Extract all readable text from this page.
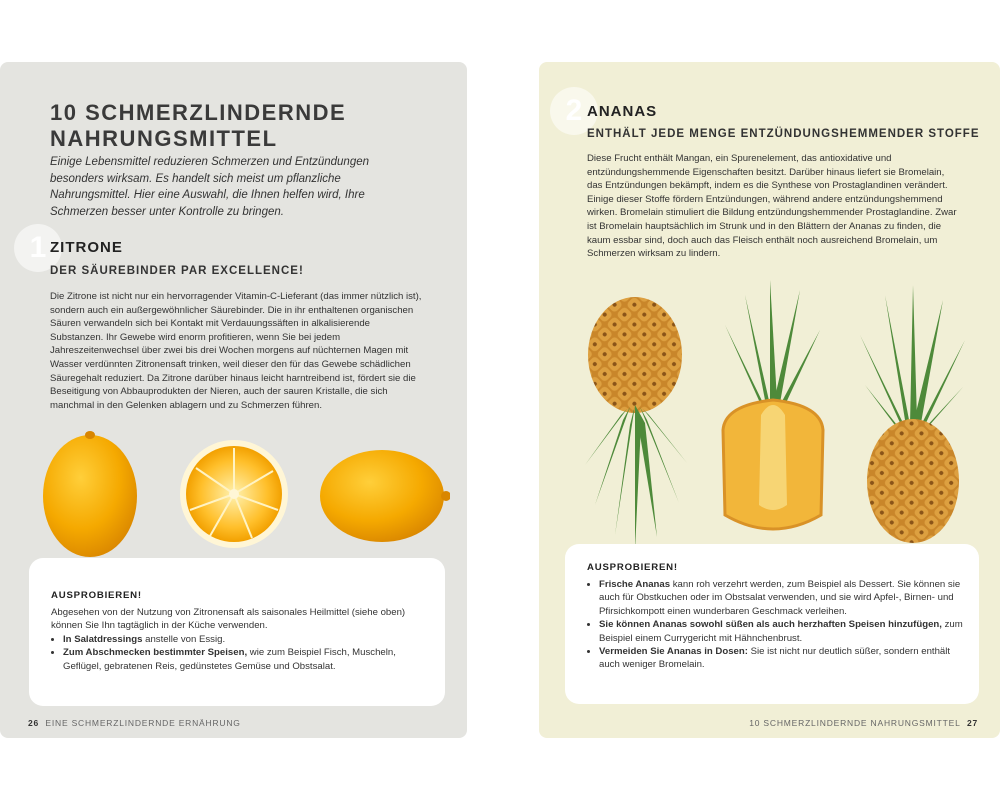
10 SCHMERZLINDERNDE
NAHRUNGSMITTEL

Einige Lebensmittel reduzieren Schmerzen und Entzündungen besonders wirksam. Es handelt sich meist um pflanzliche Nahrungsmittel. Hier eine Auswahl, die Ihnen helfen wird, Ihre Schmerzen besser unter Kontrolle zu bringen.

1 ZITRONE
DER SÄUREBINDER PAR EXCELLENCE!

Die Zitrone ist nicht nur ein hervorragender Vitamin-C-Lieferant (das immer nützlich ist), sondern auch ein außergewöhnlicher Säurebinder. Die in ihr enthaltenen organischen Säuren verwandeln sich bei Kontakt mit Verdauungssäften in alkalisierende Substanzen. Ihr Gewebe wird enorm profitieren, wenn Sie bei jedem Jahreszeitenwechsel über zwei bis drei Wochen morgens auf nüchternen Magen mit Wasser verdünnten Zitronensaft trinken, weil dieser den für das Gewebe schädlichen Säuregehalt reduziert. Da Zitrone darüber hinaus leicht harntreibend ist, fördert sie die Beseitigung von Abbauprodukten der Nieren, auch der sauren Kristalle, die sich manchmal in den Gelenken ablagern und zu Schmerzen führen.

AUSPROBIEREN!

Abgesehen von der Nutzung von Zitronensaft als saisonales Heilmittel (siehe oben) können Sie Ihn tagtäglich in der Küche verwenden.

• In Salatdressings anstelle von Essig.
• Zum Abschmecken bestimmter Speisen, wie zum Beispiel Fisch, Muscheln, Geflügel, gebratenen Reis, gedünstetes Gemüse und Obstsalat.
26 EINE SCHMERZLINDERNDE ERNÄHRUNG
2 ANANAS
ENTHÄLT JEDE MENGE ENTZÜNDUNGSHEMMENDER STOFFE

Diese Frucht enthält Mangan, ein Spurenelement, das antioxidative und entzündungshemmende Eigenschaften besitzt. Darüber hinaus liefert sie Bromelain, das Entzündungen bekämpft, indem es die Synthese von Prostaglandinen verändert. Einige dieser Stoffe fördern Entzündungen, während andere entzündungshemmend wirken. Bromelain stimuliert die Bildung entzündungshemmender Prostaglandine. Zwar ist Bromelain hauptsächlich im Strunk und in den Blättern der Ananas zu finden, die kaum essbar sind, doch auch das Fleisch enthält noch ausreichend Bromelain, um Schmerzen wirksam zu lindern.

AUSPROBIEREN!

• Frische Ananas kann roh verzehrt werden, zum Beispiel als Dessert. Sie können sie auch für Obstkuchen oder im Obstsalat verwenden, und sie wird Apfel-, Birnen- und Pfirsichkompott einen wunderbaren Geschmack verleihen.
• Sie können Ananas sowohl süßen als auch herzhaften Speisen hinzufügen, zum Beispiel einem Currygericht mit Hähnchenbrust.
• Vermeiden Sie Ananas in Dosen: Sie ist nicht nur deutlich süßer, sondern enthält auch weniger Bromelain.
10 SCHMERZLINDERNDE NAHRUNGSMITTEL 27
